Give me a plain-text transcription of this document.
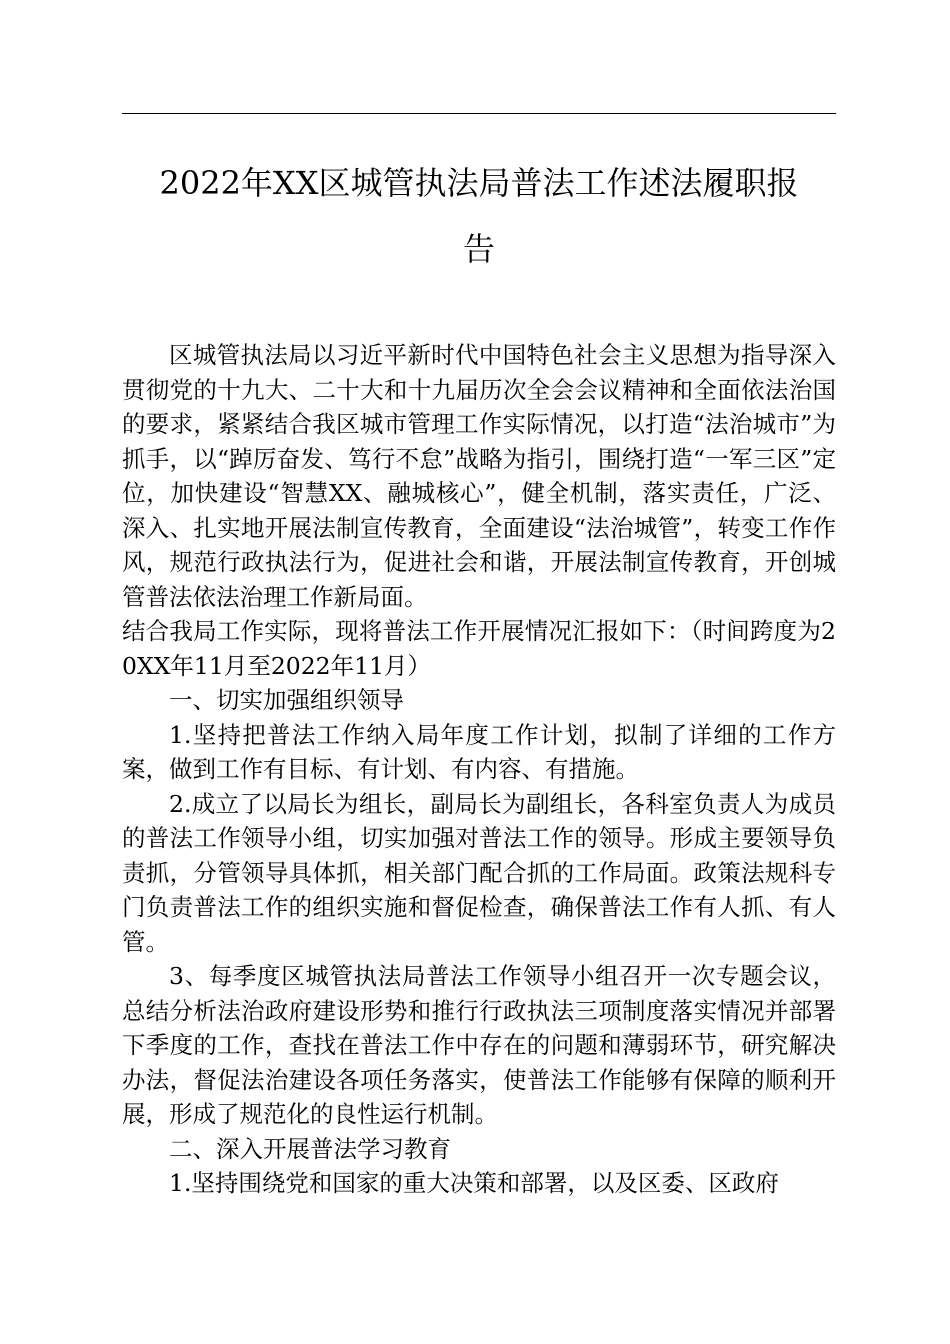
2022年XX区城管执法局普法工作述法履职报
告

区城管执法局以习近平新时代中国特色社会主义思想为指导深入贯彻党的十九大、二十大和十九届历次全会会议精神和全面依法治国的要求，紧紧结合我区城市管理工作实际情况，以打造“法治城市”为抓手，以“踔厉奋发、笃行不怠”战略为指引，围绕打造“一军三区”定位，加快建设“智慧XX、融城核心”，健全机制，落实责任，广泛、深入、扎实地开展法制宣传教育，全面建设“法治城管”，转变工作作风，规范行政执法行为，促进社会和谐，开展法制宣传教育，开创城管普法依法治理工作新局面。

结合我局工作实际，现将普法工作开展情况汇报如下：（时间跨度为20XX年11月至2022年11月）

一、切实加强组织领导

1.坚持把普法工作纳入局年度工作计划，拟制了详细的工作方案，做到工作有目标、有计划、有内容、有措施。

2.成立了以局长为组长，副局长为副组长，各科室负责人为成员的普法工作领导小组，切实加强对普法工作的领导。形成主要领导负责抓，分管领导具体抓，相关部门配合抓的工作局面。政策法规科专门负责普法工作的组织实施和督促检查，确保普法工作有人抓、有人管。

3、每季度区城管执法局普法工作领导小组召开一次专题会议，总结分析法治政府建设形势和推行行政执法三项制度落实情况并部署下季度的工作，查找在普法工作中存在的问题和薄弱环节，研究解决办法，督促法治建设各项任务落实，使普法工作能够有保障的顺利开展，形成了规范化的良性运行机制。

二、深入开展普法学习教育

1.坚持围绕党和国家的重大决策和部署，以及区委、区政府
